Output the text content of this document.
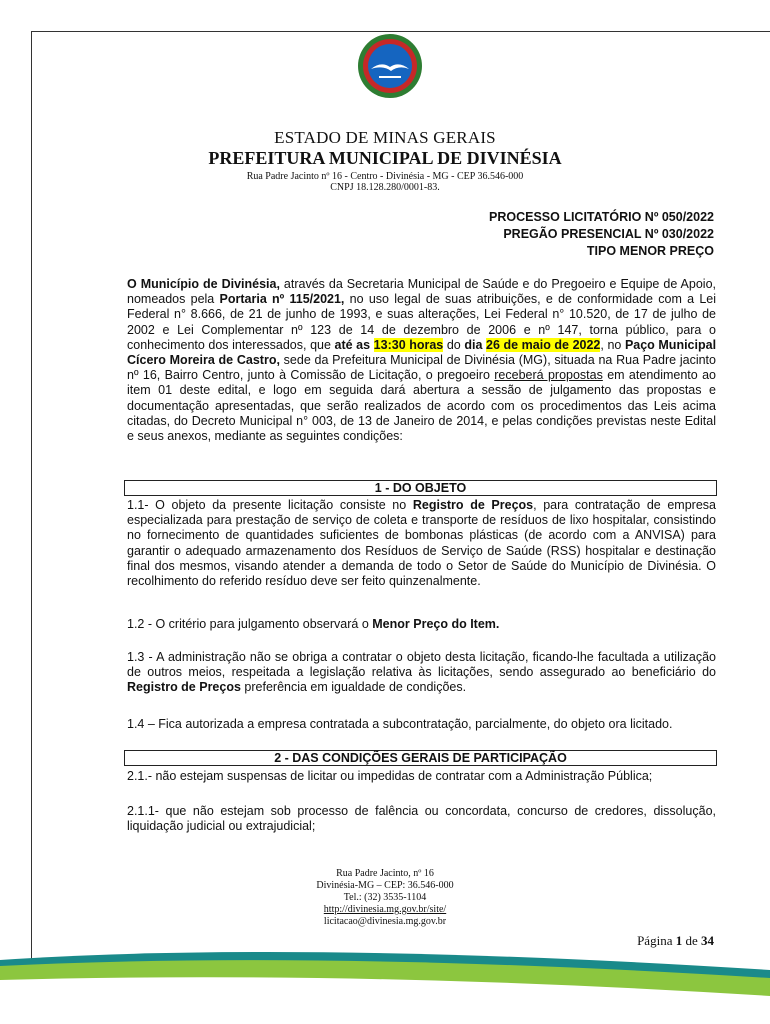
ESTADO DE MINAS GERAIS
PREFEITURA MUNICIPAL DE DIVINÉSIA
Rua Padre Jacinto nº 16 - Centro - Divinésia - MG - CEP 36.546-000
CNPJ 18.128.280/0001-83.
PROCESSO LICITATÓRIO Nº 050/2022
PREGÃO PRESENCIAL Nº 030/2022
TIPO MENOR PREÇO
O Município de Divinésia, através da Secretaria Municipal de Saúde e do Pregoeiro e Equipe de Apoio, nomeados pela Portaria nº 115/2021, no uso legal de suas atribuições, e de conformidade com a Lei Federal n° 8.666, de 21 de junho de 1993, e suas alterações, Lei Federal n° 10.520, de 17 de julho de 2002 e Lei Complementar nº 123 de 14 de dezembro de 2006 e nº 147, torna público, para o conhecimento dos interessados, que até as 13:30 horas do dia 26 de maio de 2022, no Paço Municipal Cícero Moreira de Castro, sede da Prefeitura Municipal de Divinésia (MG), situada na Rua Padre jacinto nº 16, Bairro Centro, junto à Comissão de Licitação, o pregoeiro receberá propostas em atendimento ao item 01 deste edital, e logo em seguida dará abertura a sessão de julgamento das propostas e documentação apresentadas, que serão realizados de acordo com os procedimentos das Leis acima citadas, do Decreto Municipal n° 003, de 13 de Janeiro de 2014, e pelas condições previstas neste Edital e seus anexos, mediante as seguintes condições:
1 - DO OBJETO
1.1- O objeto da presente licitação consiste no Registro de Preços, para contratação de empresa especializada para prestação de serviço de coleta e transporte de resíduos de lixo hospitalar, consistindo no fornecimento de quantidades suficientes de bombonas plásticas (de acordo com a ANVISA) para garantir o adequado armazenamento dos Resíduos de Serviço de Saúde (RSS) hospitalar e destinação final dos mesmos, visando atender a demanda de todo o Setor de Saúde do Município de Divinésia. O recolhimento do referido resíduo deve ser feito quinzenalmente.
1.2 - O critério para julgamento observará o Menor Preço do Item.
1.3 - A administração não se obriga a contratar o objeto desta licitação, ficando-lhe facultada a utilização de outros meios, respeitada a legislação relativa às licitações, sendo assegurado ao beneficiário do Registro de Preços preferência em igualdade de condições.
1.4 – Fica autorizada a empresa contratada a subcontratação, parcialmente, do objeto ora licitado.
2 - DAS CONDIÇÕES GERAIS DE PARTICIPAÇÃO
2.1.- não estejam suspensas de licitar ou impedidas de contratar com a Administração Pública;
2.1.1- que não estejam sob processo de falência ou concordata, concurso de credores, dissolução, liquidação judicial ou extrajudicial;
Rua Padre Jacinto, nº 16
Divinésia-MG – CEP: 36.546-000
Tel.: (32) 3535-1104
http://divinesia.mg.gov.br/site/
licitacao@divinesia.mg.gov.br
Página 1 de 34
